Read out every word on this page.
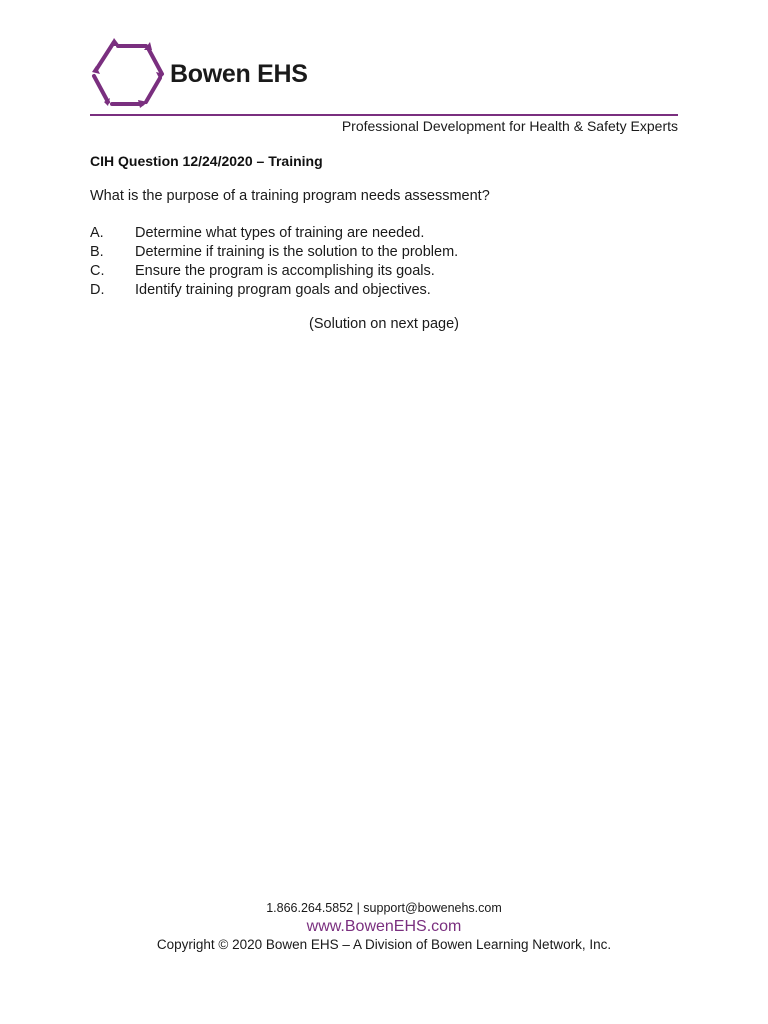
Bowen EHS
Professional Development for Health & Safety Experts
CIH Question 12/24/2020 – Training
What is the purpose of a training program needs assessment?
A.	Determine what types of training are needed.
B.	Determine if training is the solution to the problem.
C.	Ensure the program is accomplishing its goals.
D.	Identify training program goals and objectives.
(Solution on next page)
1.866.264.5852 | support@bowenehs.com
www.BowenEHS.com
Copyright © 2020 Bowen EHS – A Division of Bowen Learning Network, Inc.
